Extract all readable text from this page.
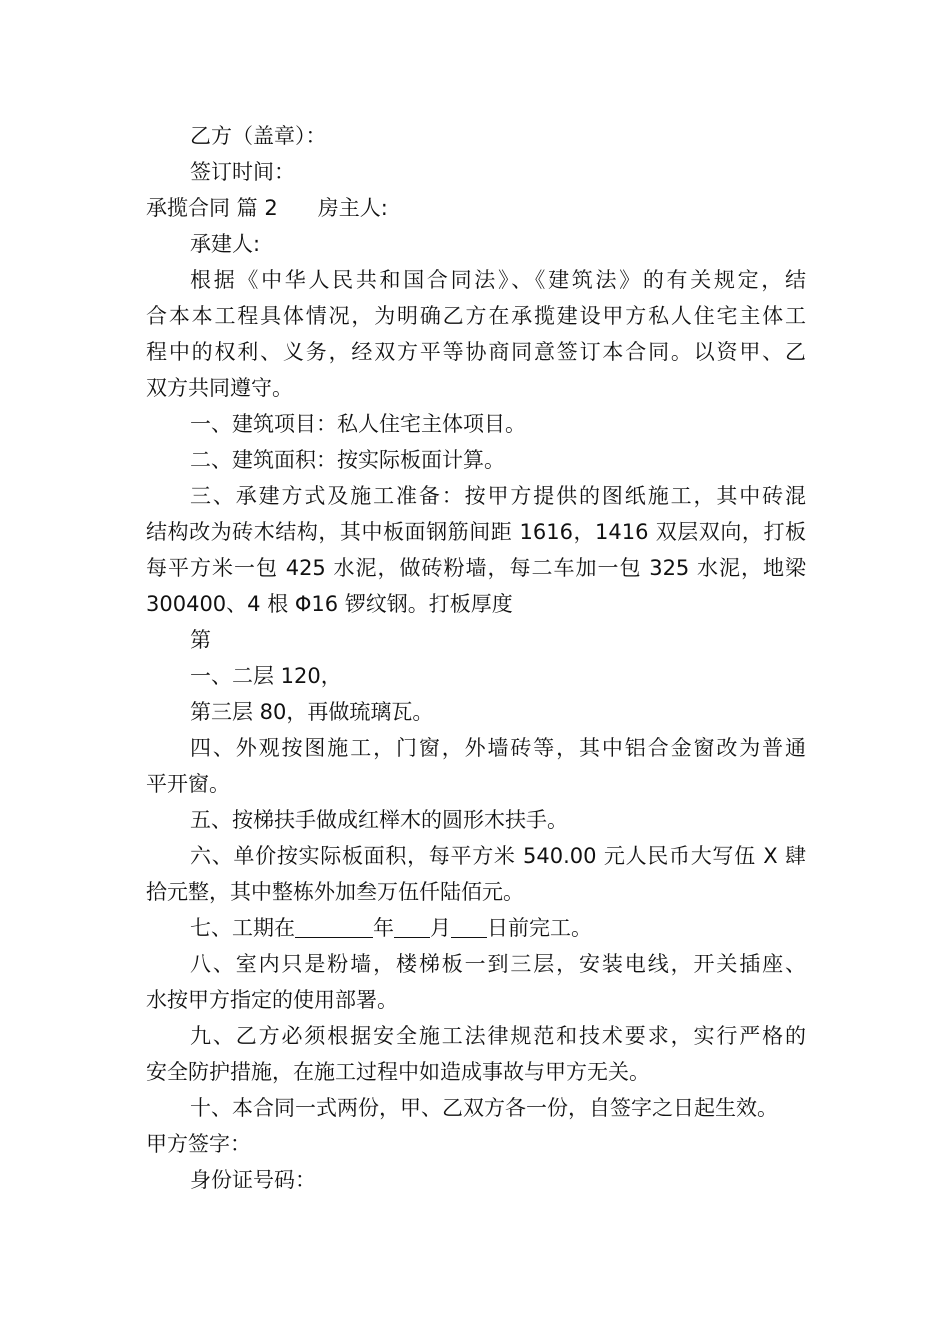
乙方（盖章）：
签订时间：
承揽合同 篇 2 房主人:
承建人:
根据《中华人民共和国合同法》、《建筑法》的有关规定，结
合本本工程具体情况，为明确乙方在承揽建设甲方私人住宅主体工
程中的权利、义务，经双方平等协商同意签订本合同。以资甲、乙
双方共同遵守。
一、建筑项目：私人住宅主体项目。
二、建筑面积：按实际板面计算。
三、承建方式及施工准备：按甲方提供的图纸施工，其中砖混
结构改为砖木结构，其中板面钢筋间距 1616，1416 双层双向，打板
每平方米一包 425 水泥，做砖粉墙，每二车加一包 325 水泥，地梁
300400、4 根 Φ16 锣纹钢。打板厚度
第
一、二层 120，
第三层 80，再做琉璃瓦。
四、外观按图施工，门窗，外墙砖等，其中铝合金窗改为普通
平开窗。
五、按梯扶手做成红榉木的圆形木扶手。
六、单价按实际板面积，每平方米 540.00 元人民币大写伍 X 肆
拾元整，其中整栋外加叁万伍仟陆佰元。
七、工期在	年 月 日前完工。
八、室内只是粉墙，楼梯板一到三层，安装电线，开关插座、
水按甲方指定的使用部署。
九、乙方必须根据安全施工法律规范和技术要求，实行严格的
安全防护措施，在施工过程中如造成事故与甲方无关。
十、本合同一式两份，甲、乙双方各一份，自签字之日起生效。
甲方签字：
身份证号码：
